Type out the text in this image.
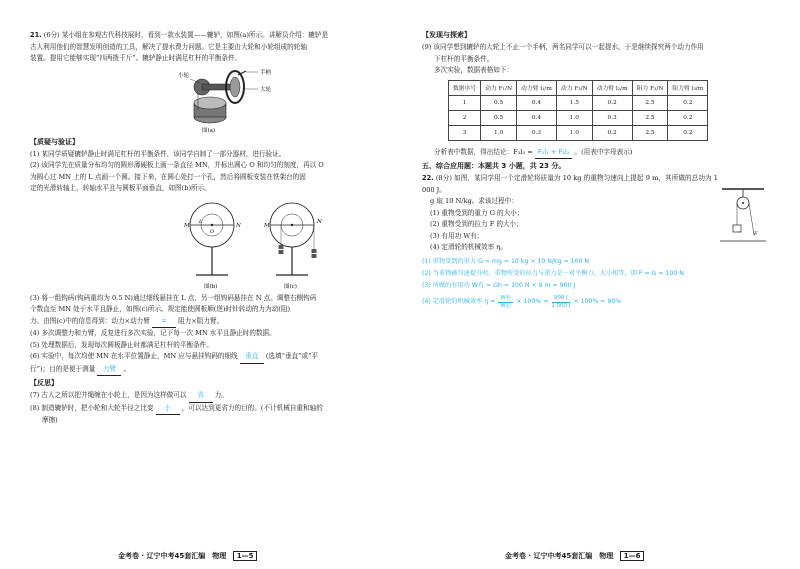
21. (6分) 某小组在参观古代科技展时，看到一款水装置——辘轳，如图(a)所示。讲解员介绍：辘轳是

古人利用他们的智慧发明创造的工具，解决了提水费力问题。它是主要由大轮和小轮组成的轮轴

装置。提用它能够实现“四两拨千斤”。辘轳静止时满足杠杆的平衡条件。

小轮	手柄
大轮
图(a)

【质疑与验证】

(1) 某同学质疑辘轳静止时满足杠杆的平衡条件，该同学自制了一部分器材，进行验证。

(2) 该同学先在质量分布均匀的圆形薄硬板上画一条直径 MN，并标出圆心 O 和均匀的刻度，再以 O

为圆心过 MN 上的 L 点画一个圆。接下来，在圆心处打一个孔，然后将圆板安装在铁架台的固

定的光滑转轴上，转轴水平且与圆板平面垂直，如图(b)所示。

M	N
L
O
图(b)
M
N
图(c)

(3) 将一组钩码(钩码重均为 0.5 N)通过细线悬挂在 L 点，另一组钩码悬挂在 N 点。调整右侧钩码

个数直至 MN 处于水平且静止，如图(c)所示。规定能使圆板顺(逆)时针转动的力为动(阻)

力。由图(c)中的信息得到：动力×动力臂 = 阻力×阻力臂。

(4) 多次调整力和力臂，反复进行多次实验，记下每一次 MN 水平且静止时的数据。

(5) 处理数据后，发现每次圆板静止时都满足杠杆的平衡条件。

(6) 实验中，每次均使 MN 在水平位置静止，MN 应与悬挂钩码的细线 垂直 (选填“垂直”或“平

行”)；目的是便于测量 力臂 。

【反思】

(7) 古人之所以把井绳缠在小轮上，是因为这样做可以 省 力。

(8) 制造辘轳时，把小轮和大轮半径之比变 小 ，可以达到更省力的目的。(不计机械自重和轴的

摩擦)

金考卷 · 辽宁中考45套汇编　物理 1—5

【发现与探索】

(9) 该同学想到辘轳的大轮上不止一个手柄，两名同学可以一起提水，于是继续探究两个动力作用

下杠杆的平衡条件。

多次实验，数据表格如下：

数据序号	动力 F₁/N	动力臂 l₁/m	动力 F₂/N	动力臂 l₂/m	阻力 F₃/N	阻力臂 l₃/m
1	0.5	0.4	1.5	0.2	2.5	0.2
2	0.5	0.4	1.0	0.3	2.5	0.2
3	1.0	0.3	1.0	0.2	2.5	0.2

分析表中数据，得出结论：F₃l₃ = F₁l₁ + F₂l₂ 。(用表中字母表示)

五、综合应用题：本题共 3 小题，共 23 分。

22. (8分) 如图，某同学用一个定滑轮将质量为 10 kg 的重物匀速向上提起 9 m，其所做的总功为 1 000 J。

g 取 10 N/kg。求该过程中：

(1) 重物受到的重力 G 的大小；

(2) 重物受到的拉力 F 的大小；

(3) 有用功 W有；

(4) 定滑轮的机械效率 η。

F

(1) 重物受到的重力 G = mg = 10 kg × 10 N/kg = 100 N

(2) 当重物被匀速提升时，重物所受的拉力与重力是一对平衡力，大小相等，即 F = G = 100 N

(3) 所做的有用功 W有 = Gh = 100 N × 9 m = 900 J

(4) 定滑轮的机械效率 η =
W有
W总
× $100\% = \frac{900 J}{1 000 J} \times 100\% = 90\%$

金考卷 · 辽宁中考45套汇编　物理 1—6
